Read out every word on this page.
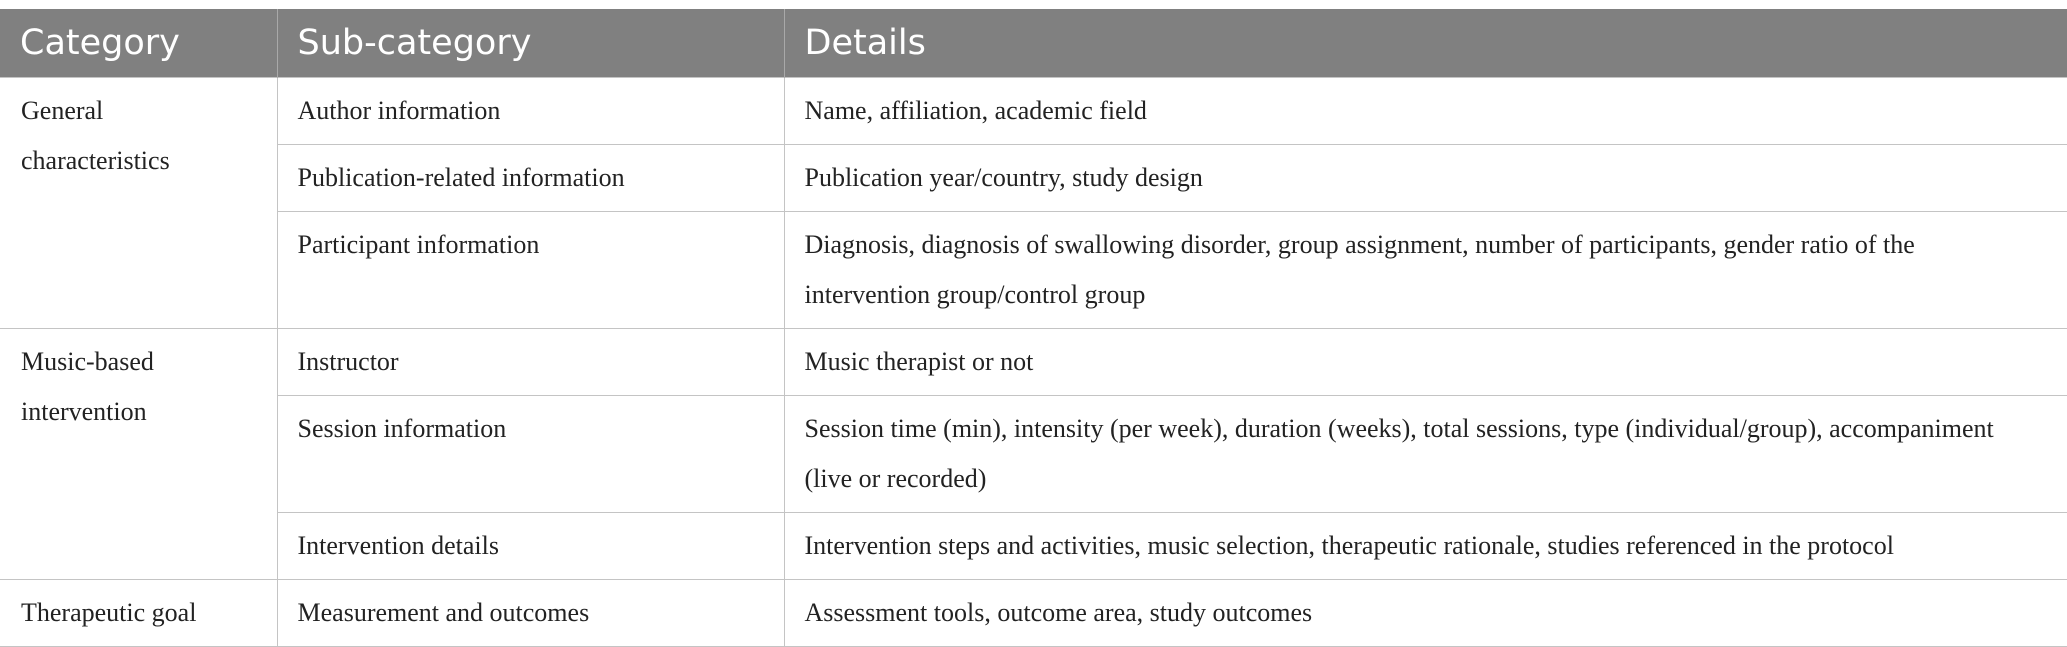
Category	Sub-category	Details
General characteristics	Author information	Name, affiliation, academic field
	Publication-related information	Publication year/country, study design
	Participant information	Diagnosis, diagnosis of swallowing disorder, group assignment, number of participants, gender ratio of the intervention group/control group
Music-based intervention	Instructor	Music therapist or not
	Session information	Session time (min), intensity (per week), duration (weeks), total sessions, type (individual/group), accompaniment (live or recorded)
	Intervention details	Intervention steps and activities, music selection, therapeutic rationale, studies referenced in the protocol
Therapeutic goal	Measurement and outcomes	Assessment tools, outcome area, study outcomes
